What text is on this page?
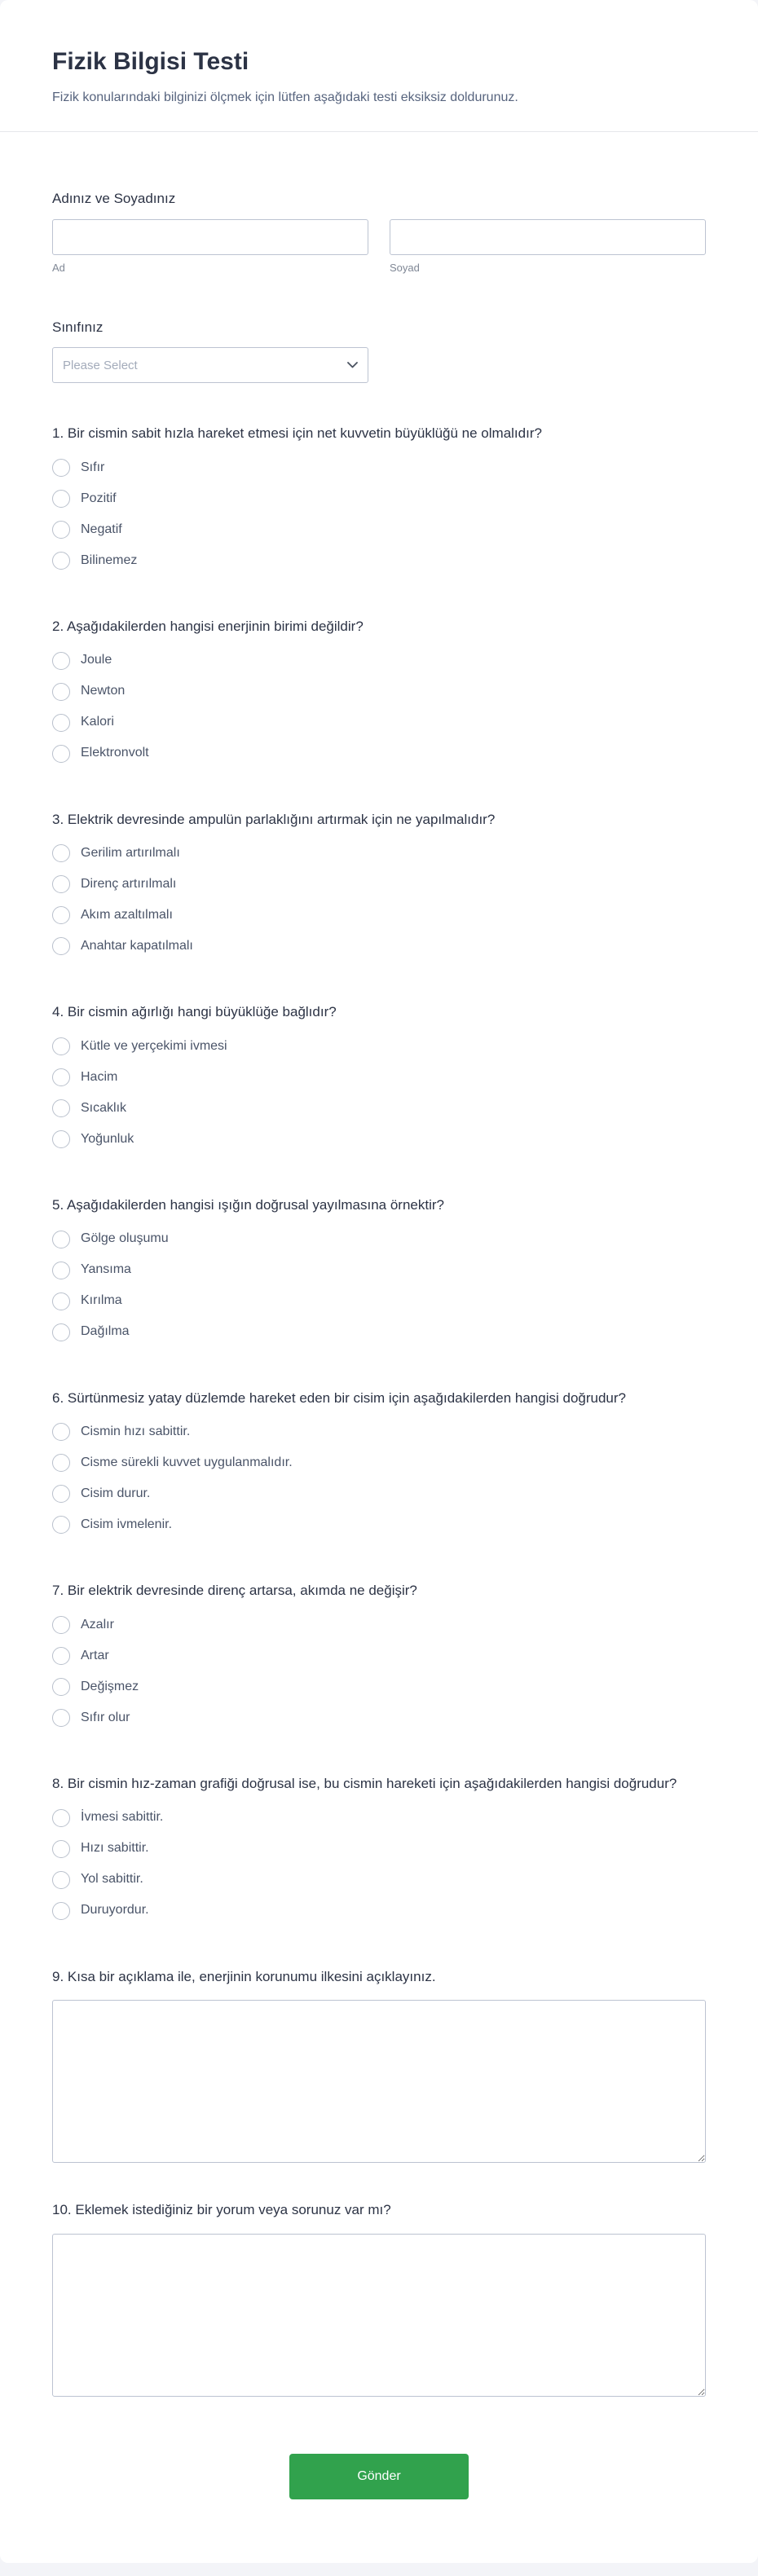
Fizik Bilgisi Testi
Fizik konularındaki bilginizi ölçmek için lütfen aşağıdaki testi eksiksiz doldurunuz.
Adınız ve Soyadınız
Ad	Soyad
Sınıfınız
Please Select
1. Bir cismin sabit hızla hareket etmesi için net kuvvetin büyüklüğü ne olmalıdır?
Sıfır
Pozitif
Negatif
Bilinemez
2. Aşağıdakilerden hangisi enerjinin birimi değildir?
Joule
Newton
Kalori
Elektronvolt
3. Elektrik devresinde ampulün parlaklığını artırmak için ne yapılmalıdır?
Gerilim artırılmalı
Direnç artırılmalı
Akım azaltılmalı
Anahtar kapatılmalı
4. Bir cismin ağırlığı hangi büyüklüğe bağlıdır?
Kütle ve yerçekimi ivmesi
Hacim
Sıcaklık
Yoğunluk
5. Aşağıdakilerden hangisi ışığın doğrusal yayılmasına örnektir?
Gölge oluşumu
Yansıma
Kırılma
Dağılma
6. Sürtünmesiz yatay düzlemde hareket eden bir cisim için aşağıdakilerden hangisi doğrudur?
Cismin hızı sabittir.
Cisme sürekli kuvvet uygulanmalıdır.
Cisim durur.
Cisim ivmelenir.
7. Bir elektrik devresinde direnç artarsa, akımda ne değişir?
Azalır
Artar
Değişmez
Sıfır olur
8. Bir cismin hız-zaman grafiği doğrusal ise, bu cismin hareketi için aşağıdakilerden hangisi doğrudur?
İvmesi sabittir.
Hızı sabittir.
Yol sabittir.
Duruyordur.
9. Kısa bir açıklama ile, enerjinin korunumu ilkesini açıklayınız.
10. Eklemek istediğiniz bir yorum veya sorunuz var mı?
Gönder
